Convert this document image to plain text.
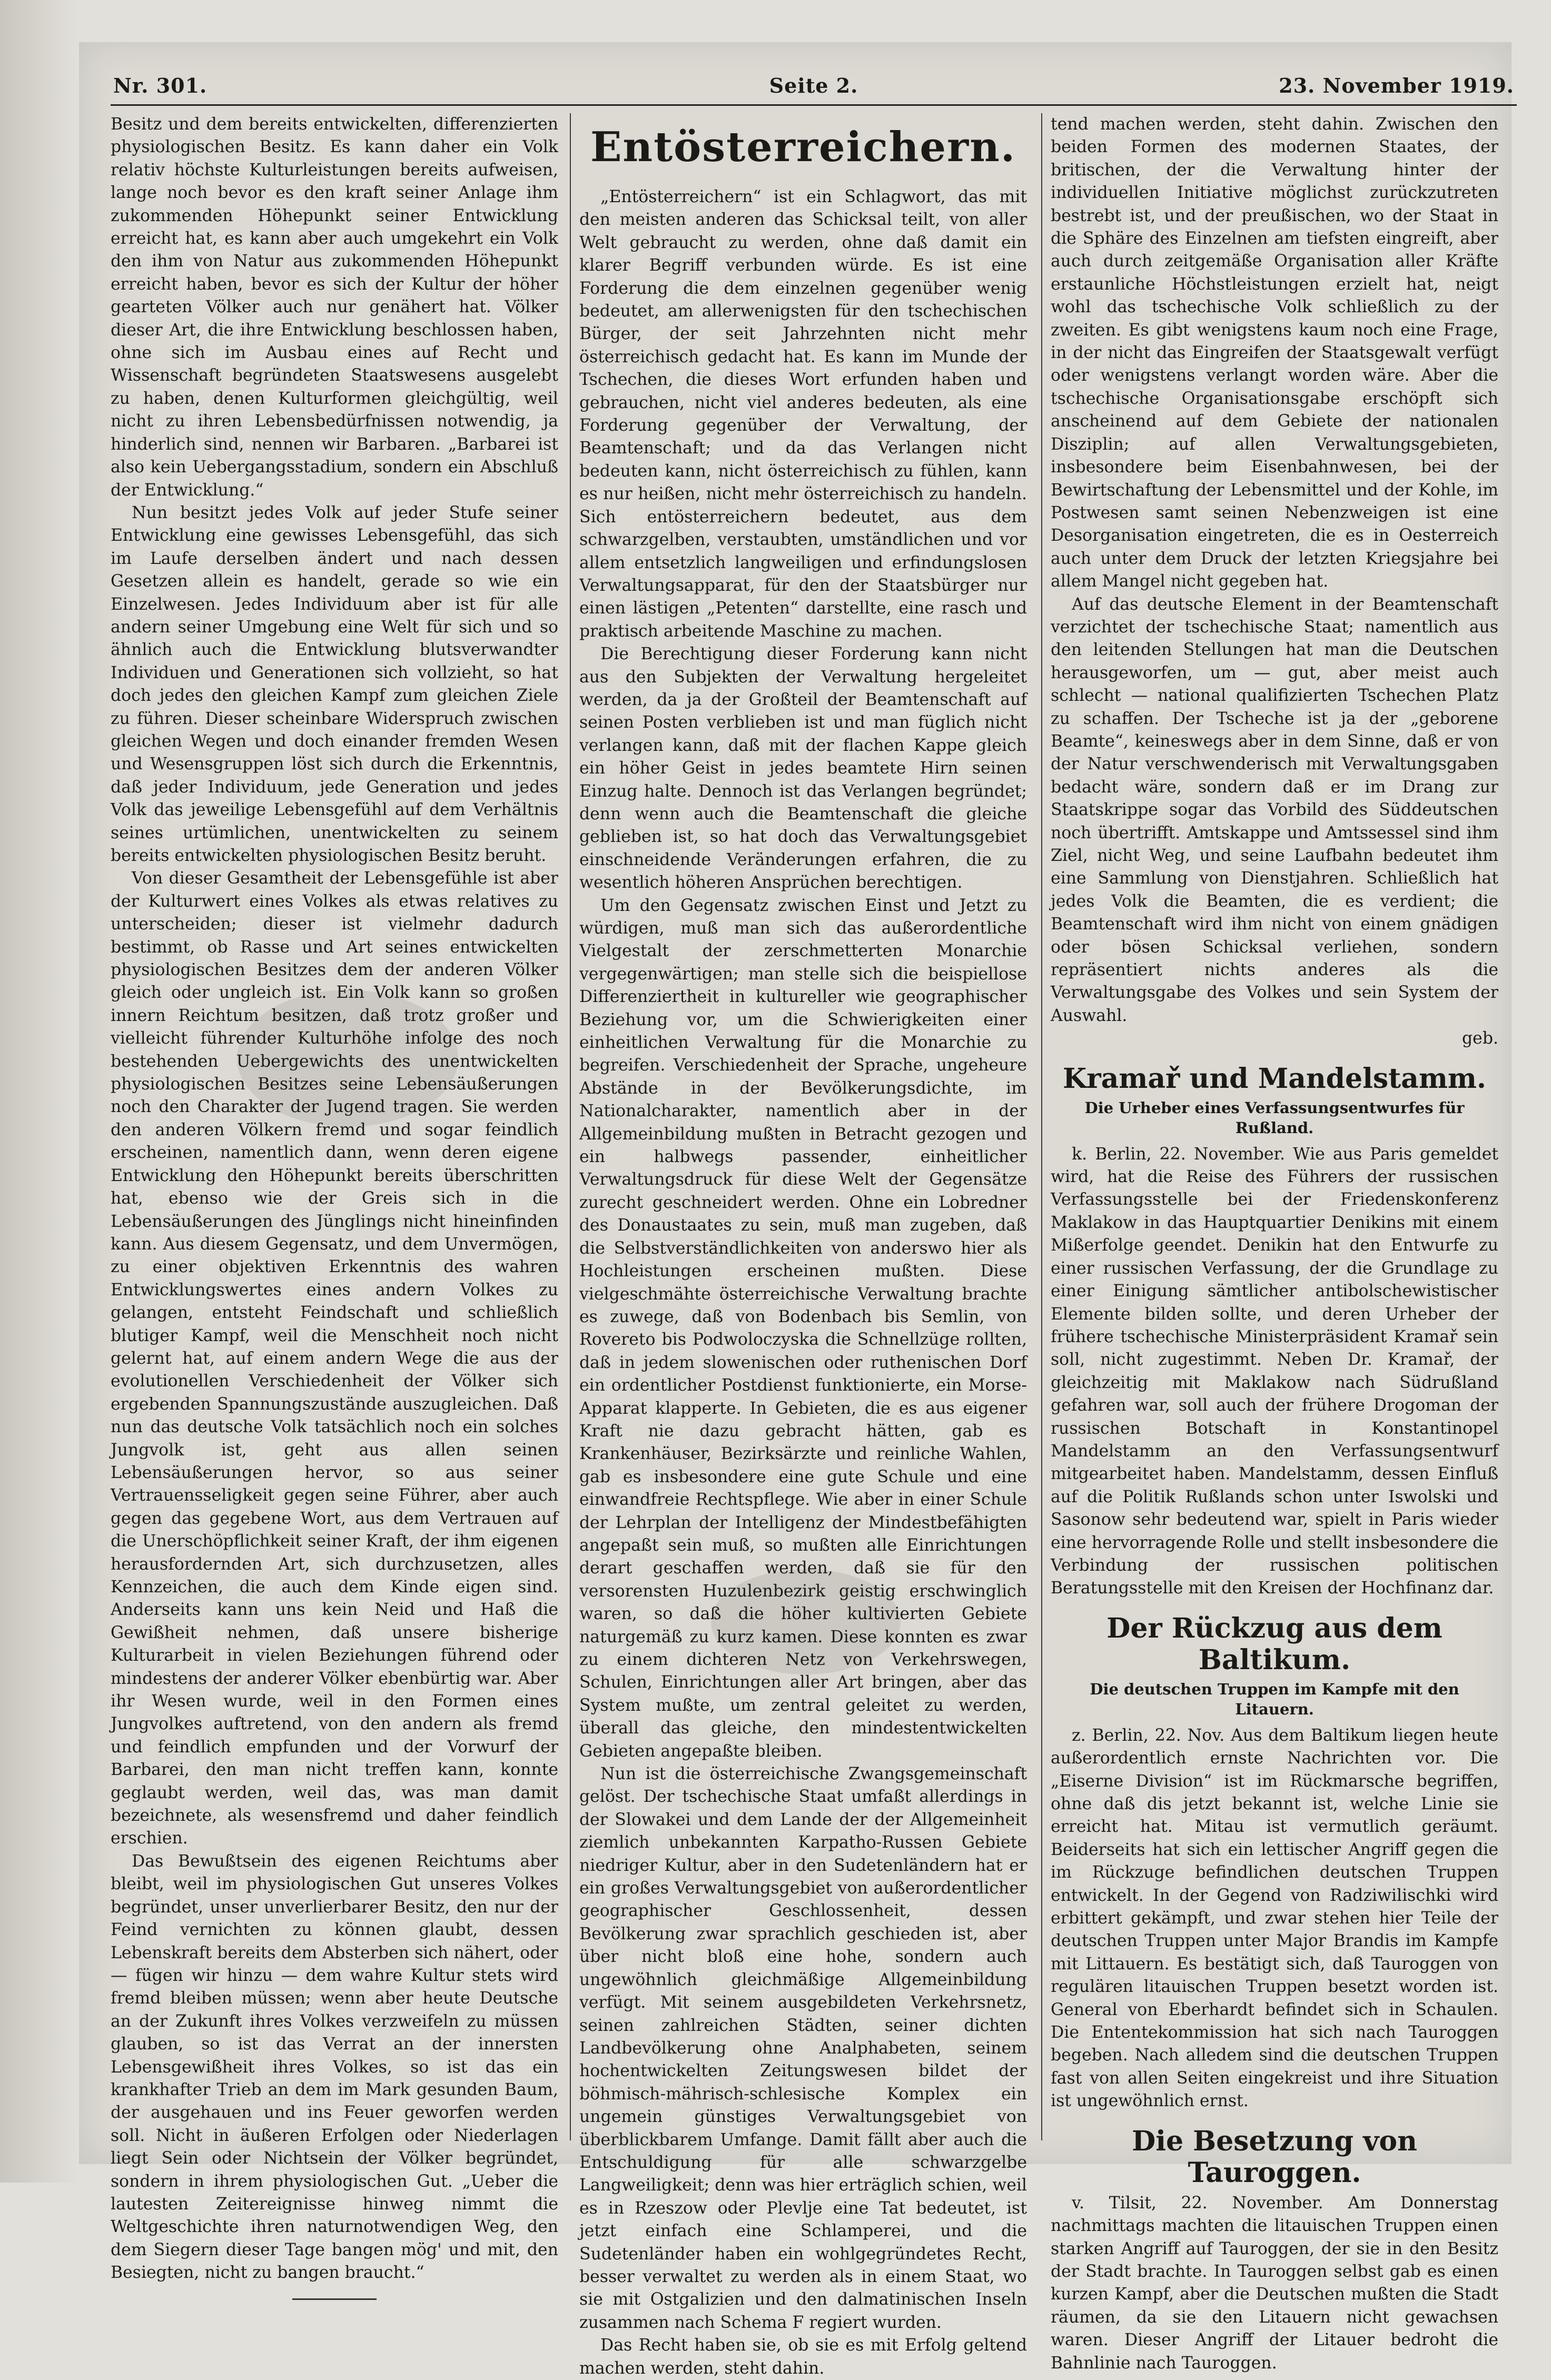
Nr. 301.	Seite 2.	23. November 1919.

Besitz und dem bereits entwickelten, differenzierten physiologischen Besitz. Es kann daher ein Volk relativ höchste Kulturleistungen bereits aufweisen, lange noch bevor es den kraft seiner Anlage ihm zukommenden Höhepunkt seiner Entwicklung erreicht hat, es kann aber auch umgekehrt ein Volk den ihm von Natur aus zukommenden Höhepunkt erreicht haben, bevor es sich der Kultur der höher gearteten Völker auch nur genähert hat. Völker dieser Art, die ihre Entwicklung beschlossen haben, ohne sich im Ausbau eines auf Recht und Wissenschaft begründeten Staatswesens ausgelebt zu haben, denen Kulturformen gleichgültig, weil nicht zu ihren Lebensbedürfnissen notwendig, ja hinderlich sind, nennen wir Barbaren. „Barbarei ist also kein Uebergangsstadium, sondern ein Abschluß der Entwicklung.“

Nun besitzt jedes Volk auf jeder Stufe seiner Entwicklung eine gewisses Lebensgefühl, das sich im Laufe derselben ändert und nach dessen Gesetzen allein es handelt, gerade so wie ein Einzelwesen. Jedes Individuum aber ist für alle andern seiner Umgebung eine Welt für sich und so ähnlich auch die Entwicklung blutsverwandter Individuen und Generationen sich vollzieht, so hat doch jedes den gleichen Kampf zum gleichen Ziele zu führen. Dieser scheinbare Widerspruch zwischen gleichen Wegen und doch einander fremden Wesen und Wesensgruppen löst sich durch die Erkenntnis, daß jeder Individuum, jede Generation und jedes Volk das jeweilige Lebensgefühl auf dem Verhältnis seines urtümlichen, unentwickelten zu seinem bereits entwickelten physiologischen Besitz beruht.

Von dieser Gesamtheit der Lebensgefühle ist aber der Kulturwert eines Volkes als etwas relatives zu unterscheiden; dieser ist vielmehr dadurch bestimmt, ob Rasse und Art seines entwickelten physiologischen Besitzes dem der anderen Völker gleich oder ungleich ist. Ein Volk kann so großen innern Reichtum besitzen, daß trotz großer und vielleicht führender Kulturhöhe infolge des noch bestehenden Uebergewichts des unentwickelten physiologischen Besitzes seine Lebensäußerungen noch den Charakter der Jugend tragen. Sie werden den anderen Völkern fremd und sogar feindlich erscheinen, namentlich dann, wenn deren eigene Entwicklung den Höhepunkt bereits überschritten hat, ebenso wie der Greis sich in die Lebensäußerungen des Jünglings nicht hineinfinden kann. Aus diesem Gegensatz, und dem Unvermögen, zu einer objektiven Erkenntnis des wahren Entwicklungswertes eines andern Volkes zu gelangen, entsteht Feindschaft und schließlich blutiger Kampf, weil die Menschheit noch nicht gelernt hat, auf einem andern Wege die aus der evolutionellen Verschiedenheit der Völker sich ergebenden Spannungszustände auszugleichen. Daß nun das deutsche Volk tatsächlich noch ein solches Jungvolk ist, geht aus allen seinen Lebensäußerungen hervor, so aus seiner Vertrauensseligkeit gegen seine Führer, aber auch gegen das gegebene Wort, aus dem Vertrauen auf die Unerschöpflichkeit seiner Kraft, der ihm eigenen herausfordernden Art, sich durchzusetzen, alles Kennzeichen, die auch dem Kinde eigen sind. Anderseits kann uns kein Neid und Haß die Gewißheit nehmen, daß unsere bisherige Kulturarbeit in vielen Beziehungen führend oder mindestens der anderer Völker ebenbürtig war. Aber ihr Wesen wurde, weil in den Formen eines Jungvolkes auftretend, von den andern als fremd und feindlich empfunden und der Vorwurf der Barbarei, den man nicht treffen kann, konnte geglaubt werden, weil das, was man damit bezeichnete, als wesensfremd und daher feindlich erschien.

Das Bewußtsein des eigenen Reichtums aber bleibt, weil im physiologischen Gut unseres Volkes begründet, unser unverlierbarer Besitz, den nur der Feind vernichten zu können glaubt, dessen Lebenskraft bereits dem Absterben sich nähert, oder — fügen wir hinzu — dem wahre Kultur stets wird fremd bleiben müssen; wenn aber heute Deutsche an der Zukunft ihres Volkes verzweifeln zu müssen glauben, so ist das Verrat an der innersten Lebensgewißheit ihres Volkes, so ist das ein krankhafter Trieb an dem im Mark gesunden Baum, der ausgehauen und ins Feuer geworfen werden soll. Nicht in äußeren Erfolgen oder Niederlagen liegt Sein oder Nichtsein der Völker begründet, sondern in ihrem physiologischen Gut. „Ueber die lautesten Zeitereignisse hinweg nimmt die Weltgeschichte ihren naturnotwendigen Weg, den dem Siegern dieser Tage bangen mög' und mit, den Besiegten, nicht zu bangen braucht.“

Entösterreichern.

„Entösterreichern“ ist ein Schlagwort, das mit den meisten anderen das Schicksal teilt, von aller Welt gebraucht zu werden, ohne daß damit ein klarer Begriff verbunden würde. Es ist eine Forderung die dem einzelnen gegenüber wenig bedeutet, am allerwenigsten für den tschechischen Bürger, der seit Jahrzehnten nicht mehr österreichisch gedacht hat. Es kann im Munde der Tschechen, die dieses Wort erfunden haben und gebrauchen, nicht viel anderes bedeuten, als eine Forderung gegenüber der Verwaltung, der Beamtenschaft; und da das Verlangen nicht bedeuten kann, nicht österreichisch zu fühlen, kann es nur heißen, nicht mehr österreichisch zu handeln. Sich entösterreichern bedeutet, aus dem schwarzgelben, verstaubten, umständlichen und vor allem entsetzlich langweiligen und erfindungslosen Verwaltungsapparat, für den der Staatsbürger nur einen lästigen „Petenten“ darstellte, eine rasch und praktisch arbeitende Maschine zu machen.

Die Berechtigung dieser Forderung kann nicht aus den Subjekten der Verwaltung hergeleitet werden, da ja der Großteil der Beamtenschaft auf seinen Posten verblieben ist und man füglich nicht verlangen kann, daß mit der flachen Kappe gleich ein höher Geist in jedes beamtete Hirn seinen Einzug halte. Dennoch ist das Verlangen begründet; denn wenn auch die Beamtenschaft die gleiche geblieben ist, so hat doch das Verwaltungsgebiet einschneidende Veränderungen erfahren, die zu wesentlich höheren Ansprüchen berechtigen.

Um den Gegensatz zwischen Einst und Jetzt zu würdigen, muß man sich das außerordentliche Vielgestalt der zerschmetterten Monarchie vergegenwärtigen; man stelle sich die beispiellose Differenziertheit in kultureller wie geographischer Beziehung vor, um die Schwierigkeiten einer einheitlichen Verwaltung für die Monarchie zu begreifen. Verschiedenheit der Sprache, ungeheure Abstände in der Bevölkerungsdichte, im Nationalcharakter, namentlich aber in der Allgemeinbildung mußten in Betracht gezogen und ein halbwegs passender, einheitlicher Verwaltungsdruck für diese Welt der Gegensätze zurecht geschneidert werden. Ohne ein Lobredner des Donaustaates zu sein, muß man zugeben, daß die Selbstverständlichkeiten von anderswo hier als Hochleistungen erscheinen mußten. Diese vielgeschmähte österreichische Verwaltung brachte es zuwege, daß von Bodenbach bis Semlin, von Rovereto bis Podwoloczyska die Schnellzüge rollten, daß in jedem slowenischen oder ruthenischen Dorf ein ordentlicher Postdienst funktionierte, ein Morse-Apparat klapperte. In Gebieten, die es aus eigener Kraft nie dazu gebracht hätten, gab es Krankenhäuser, Bezirksärzte und reinliche Wahlen, gab es insbesondere eine gute Schule und eine einwandfreie Rechtspflege. Wie aber in einer Schule der Lehrplan der Intelligenz der Mindestbefähigten angepaßt sein muß, so mußten alle Einrichtungen derart geschaffen werden, daß sie für den versorensten Huzulenbezirk geistig erschwinglich waren, so daß die höher kultivierten Gebiete naturgemäß zu kurz kamen. Diese konnten es zwar zu einem dichteren Netz von Verkehrswegen, Schulen, Einrichtungen aller Art bringen, aber das System mußte, um zentral geleitet zu werden, überall das gleiche, den mindestentwickelten Gebieten angepaßte bleiben.

Nun ist die österreichische Zwangsgemeinschaft gelöst. Der tschechische Staat umfaßt allerdings in der Slowakei und dem Lande der der Allgemeinheit ziemlich unbekannten Karpatho-Russen Gebiete niedriger Kultur, aber in den Sudetenländern hat er ein großes Verwaltungsgebiet von außerordentlicher geographischer Geschlossenheit, dessen Bevölkerung zwar sprachlich geschieden ist, aber über nicht bloß eine hohe, sondern auch ungewöhnlich gleichmäßige Allgemeinbildung verfügt. Mit seinem ausgebildeten Verkehrsnetz, seinen zahlreichen Städten, seiner dichten Landbevölkerung ohne Analphabeten, seinem hochentwickelten Zeitungswesen bildet der böhmisch-mährisch-schlesische Komplex ein ungemein günstiges Verwaltungsgebiet von überblickbarem Umfange. Damit fällt aber auch die Entschuldigung für alle schwarzgelbe Langweiligkeit; denn was hier erträglich schien, weil es in Rzeszow oder Plevlje eine Tat bedeutet, ist jetzt einfach eine Schlamperei, und die Sudetenländer haben ein wohlgegründetes Recht, besser verwaltet zu werden als in einem Staat, wo sie mit Ostgalizien und den dalmatinischen Inseln zusammen nach Schema F regiert wurden.

Das Recht haben sie, ob sie es mit Erfolg geltend machen werden, steht dahin.

tend machen werden, steht dahin. Zwischen den beiden Formen des modernen Staates, der britischen, der die Verwaltung hinter der individuellen Initiative möglichst zurückzutreten bestrebt ist, und der preußischen, wo der Staat in die Sphäre des Einzelnen am tiefsten eingreift, aber auch durch zeitgemäße Organisation aller Kräfte erstaunliche Höchstleistungen erzielt hat, neigt wohl das tschechische Volk schließlich zu der zweiten. Es gibt wenigstens kaum noch eine Frage, in der nicht das Eingreifen der Staatsgewalt verfügt oder wenigstens verlangt worden wäre. Aber die tschechische Organisationsgabe erschöpft sich anscheinend auf dem Gebiete der nationalen Disziplin; auf allen Verwaltungsgebieten, insbesondere beim Eisenbahnwesen, bei der Bewirtschaftung der Lebensmittel und der Kohle, im Postwesen samt seinen Nebenzweigen ist eine Desorganisation eingetreten, die es in Oesterreich auch unter dem Druck der letzten Kriegsjahre bei allem Mangel nicht gegeben hat.

Auf das deutsche Element in der Beamtenschaft verzichtet der tschechische Staat; namentlich aus den leitenden Stellungen hat man die Deutschen herausgeworfen, um — gut, aber meist auch schlecht — national qualifizierten Tschechen Platz zu schaffen. Der Tscheche ist ja der „geborene Beamte“, keineswegs aber in dem Sinne, daß er von der Natur verschwenderisch mit Verwaltungsgaben bedacht wäre, sondern daß er im Drang zur Staatskrippe sogar das Vorbild des Süddeutschen noch übertrifft. Amtskappe und Amtssessel sind ihm Ziel, nicht Weg, und seine Laufbahn bedeutet ihm eine Sammlung von Dienstjahren. Schließlich hat jedes Volk die Beamten, die es verdient; die Beamtenschaft wird ihm nicht von einem gnädigen oder bösen Schicksal verliehen, sondern repräsentiert nichts anderes als die Verwaltungsgabe des Volkes und sein System der Auswahl.

geb.

Kramař und Mandelstamm.
Die Urheber eines Verfassungsentwurfes für Rußland.

k. Berlin, 22. November. Wie aus Paris gemeldet wird, hat die Reise des Führers der russischen Verfassungsstelle bei der Friedenskonferenz Maklakow in das Hauptquartier Denikins mit einem Mißerfolge geendet. Denikin hat den Entwurfe zu einer russischen Verfassung, der die Grundlage zu einer Einigung sämtlicher antibolschewistischer Elemente bilden sollte, und deren Urheber der frühere tschechische Ministerpräsident Kramař sein soll, nicht zugestimmt. Neben Dr. Kramař, der gleichzeitig mit Maklakow nach Südrußland gefahren war, soll auch der frühere Drogoman der russischen Botschaft in Konstantinopel Mandelstamm an den Verfassungsentwurf mitgearbeitet haben. Mandelstamm, dessen Einfluß auf die Politik Rußlands schon unter Iswolski und Sasonow sehr bedeutend war, spielt in Paris wieder eine hervorragende Rolle und stellt insbesondere die Verbindung der russischen politischen Beratungsstelle mit den Kreisen der Hochfinanz dar.

Der Rückzug aus dem Baltikum.
Die deutschen Truppen im Kampfe mit den Litauern.

z. Berlin, 22. Nov. Aus dem Baltikum liegen heute außerordentlich ernste Nachrichten vor. Die „Eiserne Division“ ist im Rückmarsche begriffen, ohne daß dis jetzt bekannt ist, welche Linie sie erreicht hat. Mitau ist vermutlich geräumt. Beiderseits hat sich ein lettischer Angriff gegen die im Rückzuge befindlichen deutschen Truppen entwickelt. In der Gegend von Radziwilischki wird erbittert gekämpft, und zwar stehen hier Teile der deutschen Truppen unter Major Brandis im Kampfe mit Littauern. Es bestätigt sich, daß Tauroggen von regulären litauischen Truppen besetzt worden ist. General von Eberhardt befindet sich in Schaulen. Die Ententekommission hat sich nach Tauroggen begeben. Nach alledem sind die deutschen Truppen fast von allen Seiten eingekreist und ihre Situation ist ungewöhnlich ernst.

Die Besetzung von Tauroggen.

v. Tilsit, 22. November. Am Donnerstag nachmittags machten die litauischen Truppen einen starken Angriff auf Tauroggen, der sie in den Besitz der Stadt brachte. In Tauroggen selbst gab es einen kurzen Kampf, aber die Deutschen mußten die Stadt räumen, da sie den Litauern nicht gewachsen waren. Dieser Angriff der Litauer bedroht die Bahnlinie nach Tauroggen.
